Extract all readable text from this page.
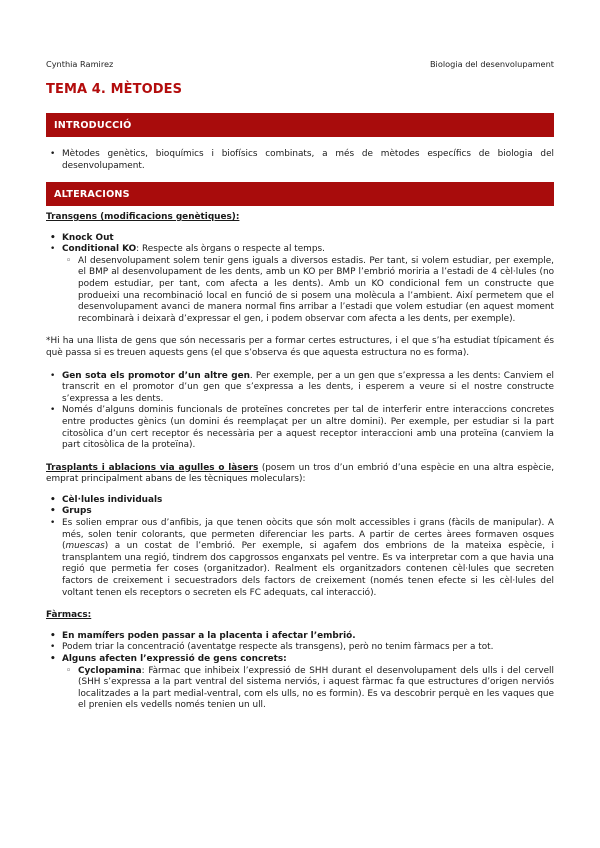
Cynthia Ramirez	Biologia del desenvolupament
TEMA 4. MÈTODES
INTRODUCCIÓ
• Mètodes genètics, bioquímics i biofísics combinats, a més de mètodes específics de biologia del desenvolupament.
ALTERACIONS

Transgens (modificacions genètiques):

• Knock Out
• Conditional KO: Respecte als òrgans o respecte al temps.
◦ Al desenvolupament solem tenir gens iguals a diversos estadis. Per tant, si volem estudiar, per exemple, el BMP al desenvolupament de les dents, amb un KO per BMP l’embrió moriria a l’estadi de 4 cèl·lules (no podem estudiar, per tant, com afecta a les dents). Amb un KO condicional fem un constructe que produeixi una recombinació local en funció de si posem una molècula a l’ambient. Així permetem que el desenvolupament avanci de manera normal fins arribar a l’estadi que volem estudiar (en aquest moment recombinarà i deixarà d’expressar el gen, i podem observar com afecta a les dents, per exemple).

*Hi ha una llista de gens que són necessaris per a formar certes estructures, i el que s’ha estudiat típicament és què passa si es treuen aquests gens (el que s’observa és que aquesta estructura no es forma).

• Gen sota els promotor d’un altre gen. Per exemple, per a un gen que s’expressa a les dents: Canviem el transcrit en el promotor d’un gen que s’expressa a les dents, i esperem a veure si el nostre constructe s’expressa a les dents.
• Només d’alguns dominis funcionals de proteïnes concretes per tal de interferir entre interaccions concretes entre productes gènics (un domini és reemplaçat per un altre domini). Per exemple, per estudiar si la part citosòlica d’un cert receptor és necessària per a aquest receptor interaccioni amb una proteïna (canviem la part citosòlica de la proteïna).

Trasplants i ablacions via agulles o làsers (posem un tros d’un embrió d’una espècie en una altra espècie, emprat principalment abans de les tècniques moleculars):

• Cèl·lules individuals
• Grups
• Es solien emprar ous d’anfibis, ja que tenen oòcits que són molt accessibles i grans (fàcils de manipular). A més, solen tenir colorants, que permeten diferenciar les parts. A partir de certes àrees formaven osques (muescas) a un costat de l’embrió. Per exemple, si agafem dos embrions de la mateixa espècie, i transplantem una regió, tindrem dos capgrossos enganxats pel ventre. Es va interpretar com a que havia una regió que permetia fer coses (organitzador). Realment els organitzadors contenen cèl·lules que secreten factors de creixement i secuestradors dels factors de creixement (només tenen efecte si les cèl·lules del voltant tenen els receptors o secreten els FC adequats, cal interacció).

Fàrmacs:

• En mamífers poden passar a la placenta i afectar l’embrió.
• Podem triar la concentració (aventatge respecte als transgens), però no tenim fàrmacs per a tot.
• Alguns afecten l’expressió de gens concrets:
◦ Cyclopamina: Fàrmac que inhibeix l’expressió de SHH durant el desenvolupament dels ulls i del cervell (SHH s’expressa a la part ventral del sistema nerviós, i aquest fàrmac fa que estructures d’origen nerviós localitzades a la part medial-ventral, com els ulls, no es formin). Es va descobrir perquè en les vaques que el prenien els vedells només tenien un ull.
